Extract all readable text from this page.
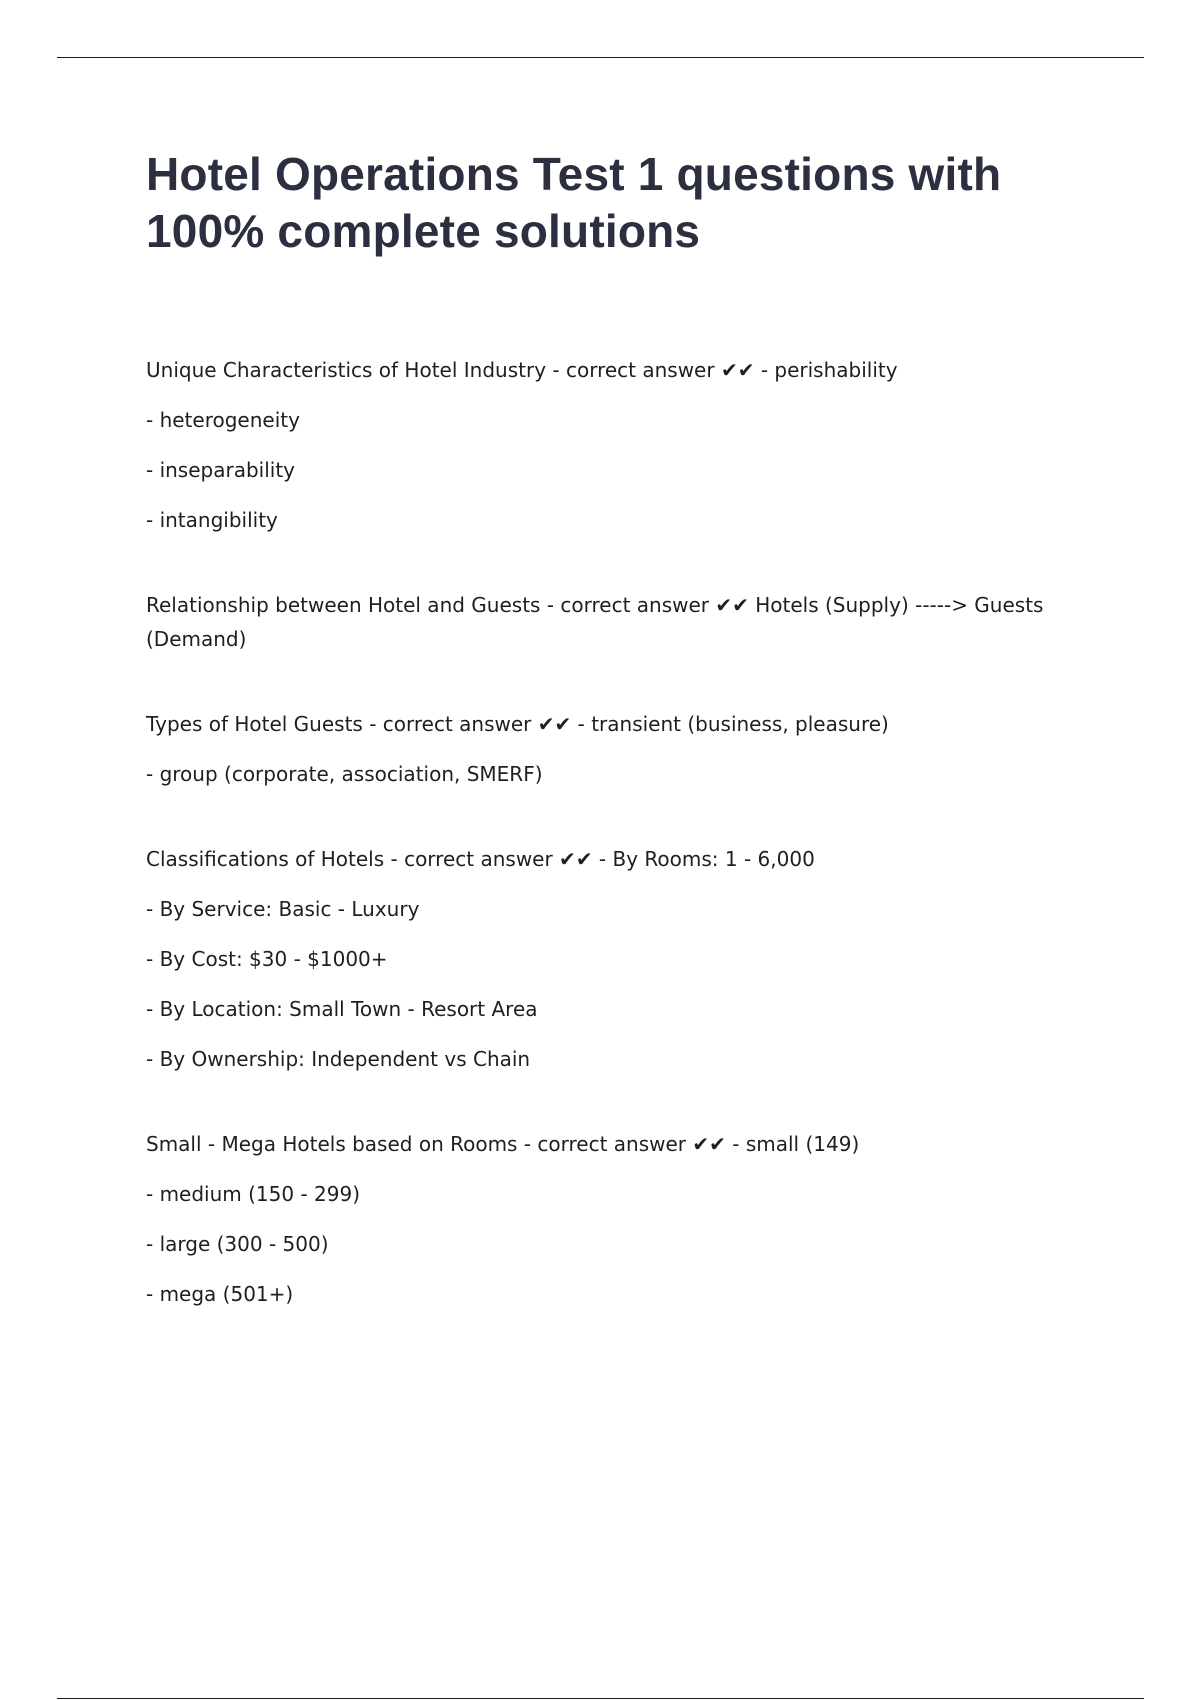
Hotel Operations Test 1 questions with 100% complete solutions

Unique Characteristics of Hotel Industry - correct answer ✔✔ - perishability

- heterogeneity

- inseparability

- intangibility

Relationship between Hotel and Guests - correct answer ✔✔ Hotels (Supply) -----> Guests (Demand)

Types of Hotel Guests - correct answer ✔✔ - transient (business, pleasure)

- group (corporate, association, SMERF)

Classifications of Hotels - correct answer ✔✔ - By Rooms: 1 - 6,000

- By Service: Basic - Luxury

- By Cost: $30 - $1000+

- By Location: Small Town - Resort Area

- By Ownership: Independent vs Chain

Small - Mega Hotels based on Rooms - correct answer ✔✔ - small (149)

- medium (150 - 299)

- large (300 - 500)

- mega (501+)
